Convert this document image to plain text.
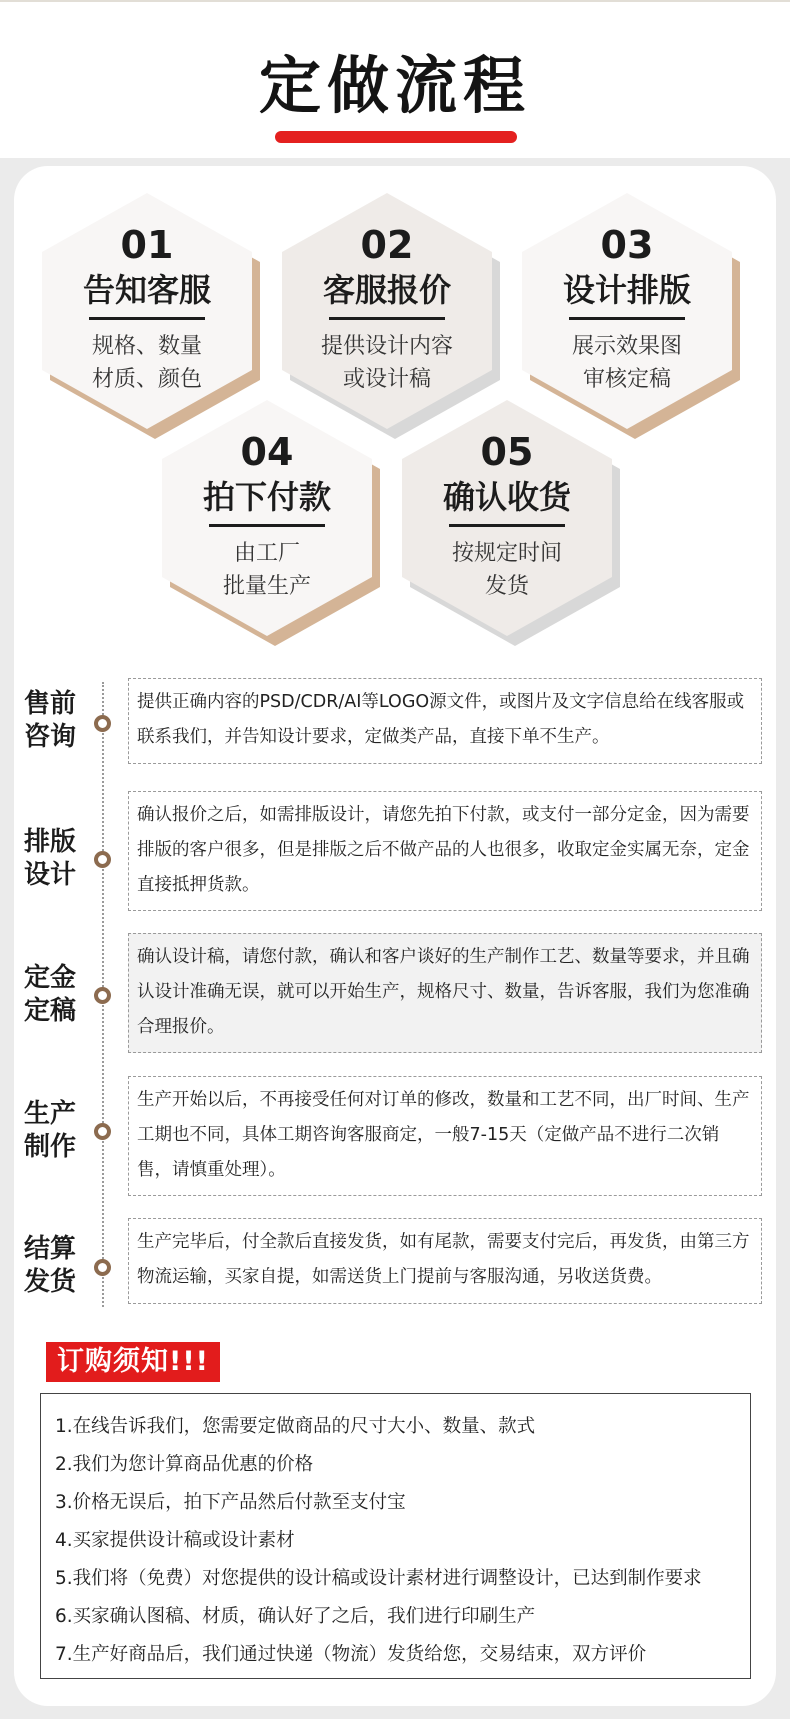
定做流程
01
告知客服
规格、数量
材质、颜色
02
客服报价
提供设计内容
或设计稿
03
设计排版
展示效果图
审核定稿
04
拍下付款
由工厂
批量生产
05
确认收货
按规定时间
发货
售前
咨询
提供正确内容的PSD/CDR/AI等LOGO源文件，或图片及文字信息给在线客服或联系我们，并告知设计要求，定做类产品，直接下单不生产。
排版
设计
确认报价之后，如需排版设计，请您先拍下付款，或支付一部分定金，因为需要排版的客户很多，但是排版之后不做产品的人也很多，收取定金实属无奈，定金直接抵押货款。
定金
定稿
确认设计稿，请您付款，确认和客户谈好的生产制作工艺、数量等要求，并且确认设计准确无误，就可以开始生产，规格尺寸、数量，告诉客服，我们为您准确合理报价。
生产
制作
生产开始以后，不再接受任何对订单的修改，数量和工艺不同，出厂时间、生产工期也不同，具体工期咨询客服商定，一般7-15天（定做产品不进行二次销售，请慎重处理）。
结算
发货
生产完毕后，付全款后直接发货，如有尾款，需要支付完后，再发货，由第三方物流运输，买家自提，如需送货上门提前与客服沟通，另收送货费。
订购须知!!!
1.在线告诉我们，您需要定做商品的尺寸大小、数量、款式
2.我们为您计算商品优惠的价格
3.价格无误后，拍下产品然后付款至支付宝
4.买家提供设计稿或设计素材
5.我们将（免费）对您提供的设计稿或设计素材进行调整设计，已达到制作要求
6.买家确认图稿、材质，确认好了之后，我们进行印刷生产
7.生产好商品后，我们通过快递（物流）发货给您，交易结束，双方评价
